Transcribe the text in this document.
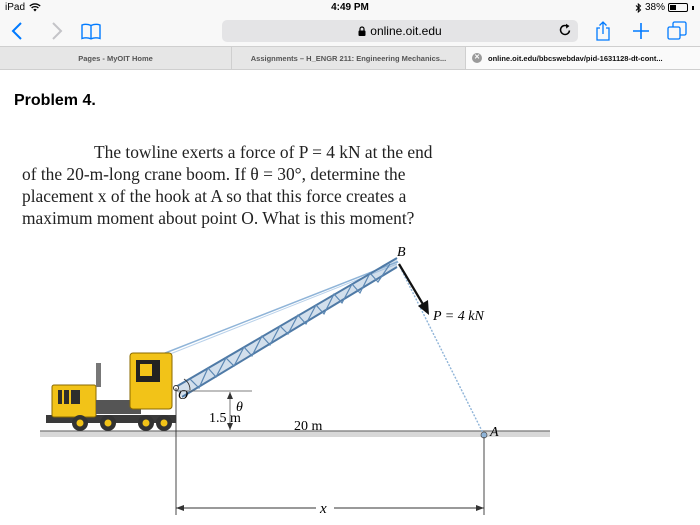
iPad	4:49 PM	38%
online.oit.edu
Pages - MyOIT Home	Assignments – H_ENGR 211: Engineering Mechanics...	✕ online.oit.edu/bbcswebdav/pid-1631128-dt-cont...
Problem 4.
The towline exerts a force of P = 4 kN at the end
of the 20-m-long crane boom. If θ = 30°, determine the
placement x of the hook at A so that this force creates a
maximum moment about point O. What is this moment?
O
θ
1.5 m
20 m
B
P = 4 kN
A
x
